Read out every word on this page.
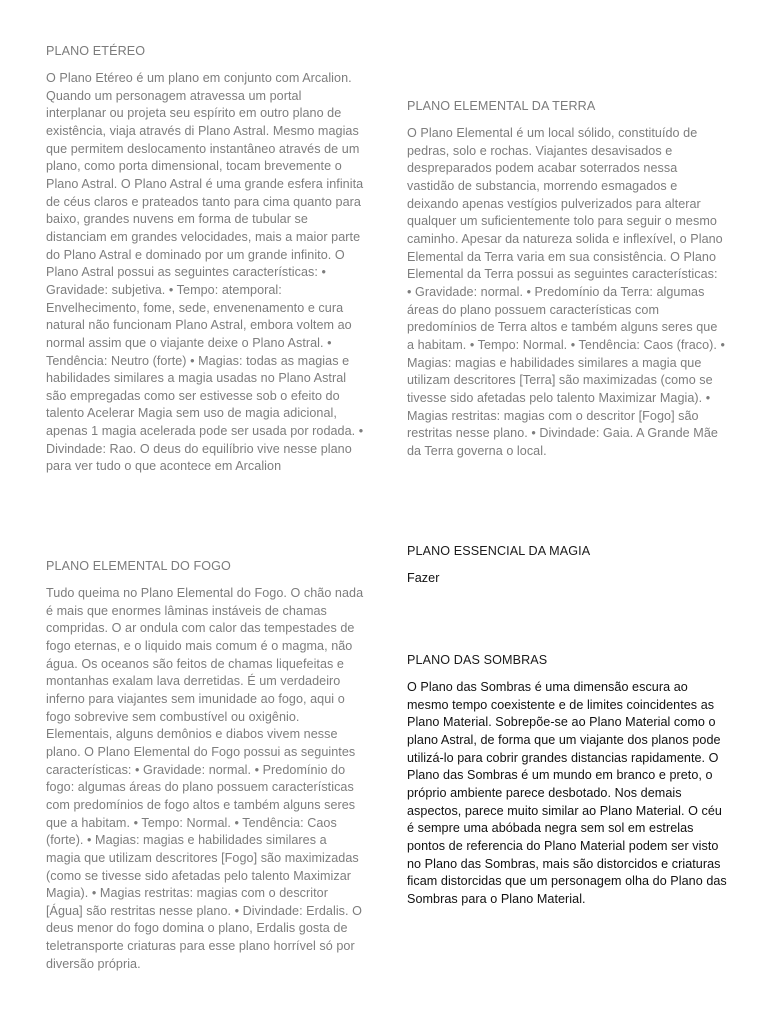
PLANO ETÉREO

O Plano Etéreo é um plano em conjunto com Arcalion. Quando um personagem atravessa um portal interplanar ou projeta seu espírito em outro plano de existência, viaja através di Plano Astral. Mesmo magias que permitem deslocamento instantâneo através de um plano, como porta dimensional, tocam brevemente o Plano Astral. O Plano Astral é uma grande esfera infinita de céus claros e prateados tanto para cima quanto para baixo, grandes nuvens em forma de tubular se distanciam em grandes velocidades, mais a maior parte do Plano Astral e dominado por um grande infinito. O Plano Astral possui as seguintes características: • Gravidade: subjetiva. • Tempo: atemporal: Envelhecimento, fome, sede, envenenamento e cura natural não funcionam Plano Astral, embora voltem ao normal assim que o viajante deixe o Plano Astral. • Tendência: Neutro (forte) • Magias: todas as magias e habilidades similares a magia usadas no Plano Astral são empregadas como ser estivesse sob o efeito do talento Acelerar Magia sem uso de magia adicional, apenas 1 magia acelerada pode ser usada por rodada. • Divindade: Rao. O deus do equilíbrio vive nesse plano para ver tudo o que acontece em Arcalion

PLANO ELEMENTAL DA TERRA

O Plano Elemental é um local sólido, constituído de pedras, solo e rochas. Viajantes desavisados e despreparados podem acabar soterrados nessa vastidão de substancia, morrendo esmagados e deixando apenas vestígios pulverizados para alterar qualquer um suficientemente tolo para seguir o mesmo caminho. Apesar da natureza solida e inflexível, o Plano Elemental da Terra varia em sua consistência. O Plano Elemental da Terra possui as seguintes características: • Gravidade: normal. • Predomínio da Terra: algumas áreas do plano possuem características com predomínios de Terra altos e também alguns seres que a habitam. • Tempo: Normal. • Tendência: Caos (fraco). • Magias: magias e habilidades similares a magia que utilizam descritores [Terra] são maximizadas (como se tivesse sido afetadas pelo talento Maximizar Magia). • Magias restritas: magias com o descritor [Fogo] são restritas nesse plano. • Divindade: Gaia. A Grande Mãe da Terra governa o local.

PLANO ELEMENTAL DO FOGO

Tudo queima no Plano Elemental do Fogo. O chão nada é mais que enormes lâminas instáveis de chamas compridas. O ar ondula com calor das tempestades de fogo eternas, e o liquido mais comum é o magma, não água. Os oceanos são feitos de chamas liquefeitas e montanhas exalam lava derretidas. É um verdadeiro inferno para viajantes sem imunidade ao fogo, aqui o fogo sobrevive sem combustível ou oxigênio. Elementais, alguns demônios e diabos vivem nesse plano. O Plano Elemental do Fogo possui as seguintes características: • Gravidade: normal. • Predomínio do fogo: algumas áreas do plano possuem características com predomínios de fogo altos e também alguns seres que a habitam. • Tempo: Normal. • Tendência: Caos (forte). • Magias: magias e habilidades similares a magia que utilizam descritores [Fogo] são maximizadas (como se tivesse sido afetadas pelo talento Maximizar Magia). • Magias restritas: magias com o descritor [Água] são restritas nesse plano. • Divindade: Erdalis. O deus menor do fogo domina o plano, Erdalis gosta de teletransporte criaturas para esse plano horrível só por diversão própria.

PLANO ESSENCIAL DA MAGIA

Fazer

PLANO DAS SOMBRAS

O Plano das Sombras é uma dimensão escura ao mesmo tempo coexistente e de limites coincidentes as Plano Material. Sobrepõe-se ao Plano Material como o plano Astral, de forma que um viajante dos planos pode utilizá-lo para cobrir grandes distancias rapidamente. O Plano das Sombras é um mundo em branco e preto, o próprio ambiente parece desbotado. Nos demais aspectos, parece muito similar ao Plano Material. O céu é sempre uma abóbada negra sem sol em estrelas pontos de referencia do Plano Material podem ser visto no Plano das Sombras, mais são distorcidos e criaturas ficam distorcidas que um personagem olha do Plano das Sombras para o Plano Material.
